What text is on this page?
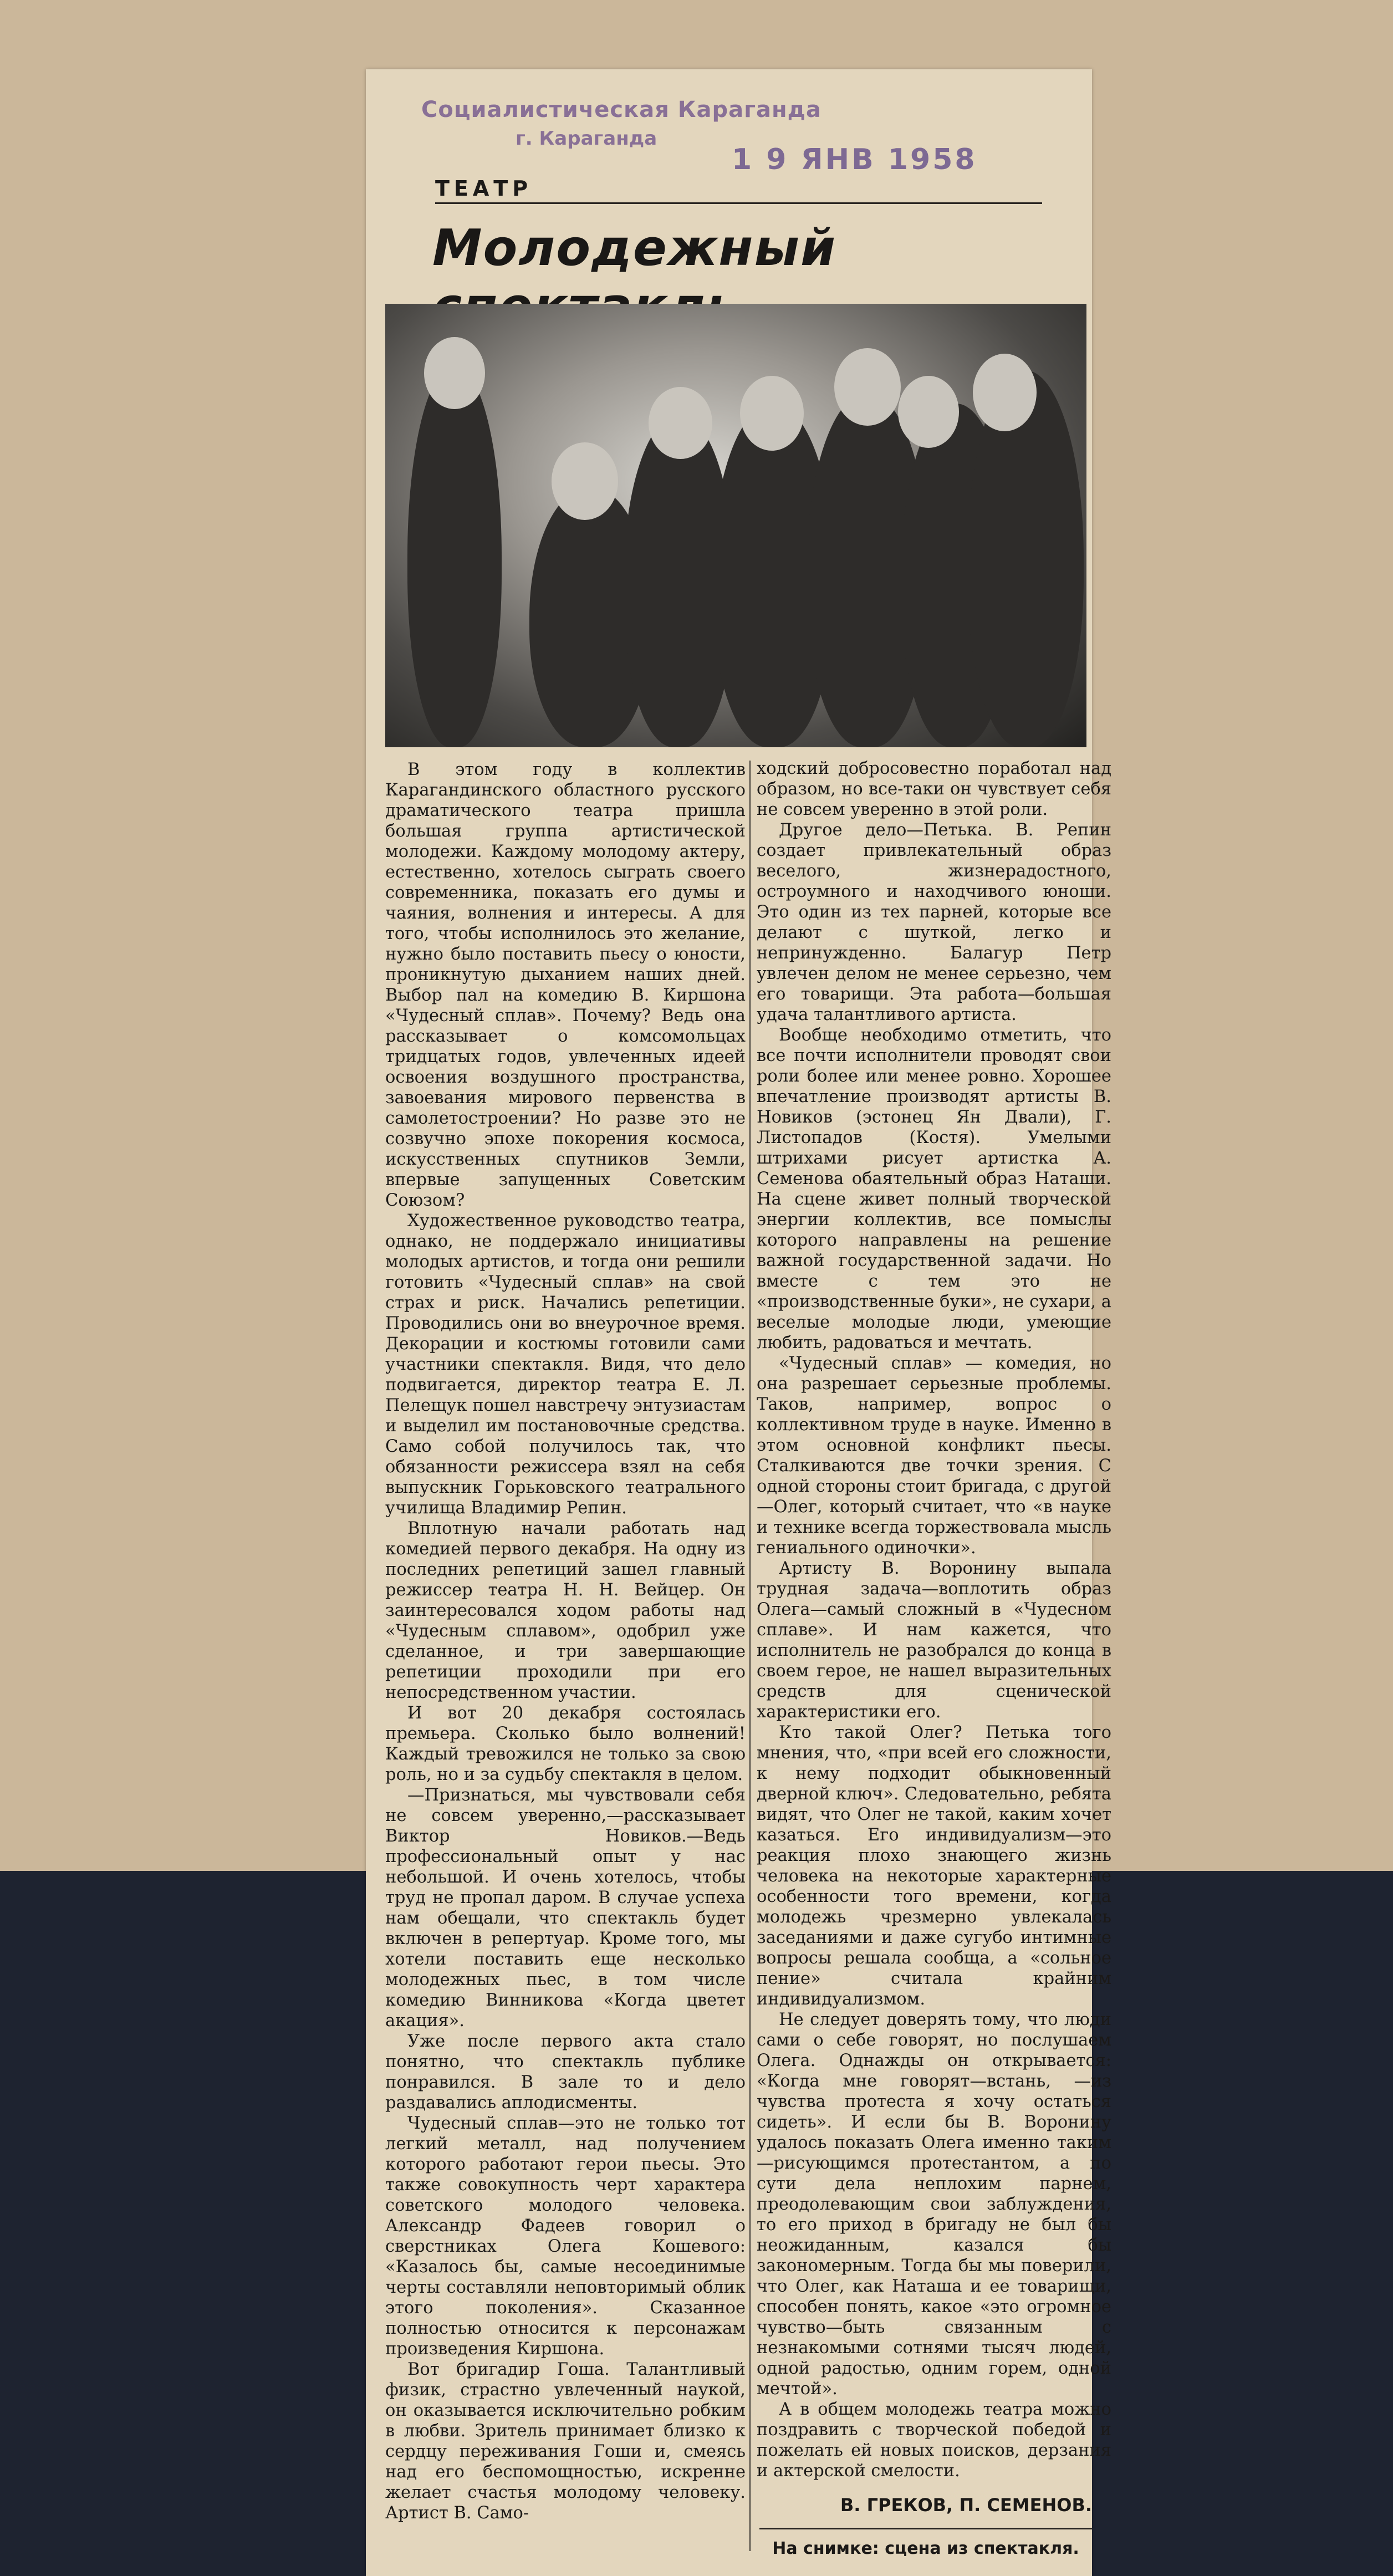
Социалистическая Караганда
г. Караганда
1 9 ЯНВ 1958
ТЕАТР
Молодежный

В этом году в коллектив Карагандинского областного русского драматического театра пришла большая группа артистической молодежи. Каждому молодому актеру, естественно, хотелось сыграть своего современника, показать его думы и чаяния, волнения и интересы. А для того, чтобы исполнилось это желание, нужно было поставить пьесу о юности, проникнутую дыханием наших дней. Выбор пал на комедию В. Киршона «Чудесный сплав». Почему? Ведь она рассказывает о комсомольцах тридцатых годов, увлеченных идеей освоения воздушного пространства, завоевания мирового первенства в самолетостроении? Но разве это не созвучно эпохе покорения космоса, искусственных спутников Земли, впервые запущенных Советским Союзом?

Художественное руководство театра, однако, не поддержало инициативы молодых артистов, и тогда они решили готовить «Чудесный сплав» на свой страх и риск. Начались репетиции. Проводились они во внеурочное время. Декорации и костюмы готовили сами участники спектакля. Видя, что дело подвигается, директор театра Е. Л. Пелещук пошел навстречу энтузиастам и выделил им постановочные средства. Само собой получилось так, что обязанности режиссера взял на себя выпускник Горьковского театрального училища Владимир Репин.

Вплотную начали работать над комедией первого декабря. На одну из последних репетиций зашел главный режиссер театра Н. Н. Вейцер. Он заинтересовался ходом работы над «Чудесным сплавом», одобрил уже сделанное, и три завершающие репетиции проходили при его непосредственном участии.

И вот 20 декабря состоялась премьера. Сколько было волнений! Каждый тревожился не только за свою роль, но и за судьбу спектакля в целом.

—Признаться, мы чувствовали себя не совсем уверенно,—рассказывает Виктор Новиков.—Ведь профессиональный опыт у нас небольшой. И очень хотелось, чтобы труд не пропал даром. В случае успеха нам обещали, что спектакль будет включен в репертуар. Кроме того, мы хотели поставить еще несколько молодежных пьес, в том числе комедию Винникова «Когда цветет акация».

Уже после первого акта стало понятно, что спектакль публике понравился. В зале то и дело раздавались аплодисменты.

Чудесный сплав—это не только тот легкий металл, над получением которого работают герои пьесы. Это также совокупность черт характера советского молодого человека. Александр Фадеев говорил о сверстниках Олега Кошевого: «Казалось бы, самые несоединимые черты составляли неповторимый облик этого поколения». Сказанное полностью относится к персонажам произведения Киршона.

Вот бригадир Гоша. Талантливый физик, страстно увлеченный наукой, он оказывается исключительно робким в любви. Зритель принимает близко к сердцу переживания Гоши и, смеясь над его беспомощностью, искренне желает счастья молодому человеку. Артист В. Само-

ходский добросовестно поработал над образом, но все-таки он чувствует себя не совсем уверенно в этой роли.

Другое дело—Петька. В. Репин создает привлекательный образ веселого, жизнерадостного, остроумного и находчивого юноши. Это один из тех парней, которые все делают с шуткой, легко и непринужденно. Балагур Петр увлечен делом не менее серьезно, чем его товарищи. Эта работа—большая удача талантливого артиста.

Вообще необходимо отметить, что все почти исполнители проводят свои роли более или менее ровно. Хорошее впечатление производят артисты В. Новиков (эстонец Ян Двали), Г. Листопадов (Костя). Умелыми штрихами рисует артистка А. Семенова обаятельный образ Наташи. На сцене живет полный творческой энергии коллектив, все помыслы которого направлены на решение важной государственной задачи. Но вместе с тем это не «производственные буки», не сухари, а веселые молодые люди, умеющие любить, радоваться и мечтать.

«Чудесный сплав» — комедия, но она разрешает серьезные проблемы. Таков, например, вопрос о коллективном труде в науке. Именно в этом основной конфликт пьесы. Сталкиваются две точки зрения. С одной стороны стоит бригада, с другой—Олег, который считает, что «в науке и технике всегда торжествовала мысль гениального одиночки».

Артисту В. Воронину выпала трудная задача—воплотить образ Олега—самый сложный в «Чудесном сплаве». И нам кажется, что исполнитель не разобрался до конца в своем герое, не нашел выразительных средств для сценической характеристики его.

Кто такой Олег? Петька того мнения, что, «при всей его сложности, к нему подходит обыкновенный дверной ключ». Следовательно, ребята видят, что Олег не такой, каким хочет казаться. Его индивидуализм—это реакция плохо знающего жизнь человека на некоторые характерные особенности того времени, когда молодежь чрезмерно увлекалась заседаниями и даже сугубо интимные вопросы решала сообща, а «сольное пение» считала крайним индивидуализмом.

Не следует доверять тому, что люди сами о себе говорят, но послушаем Олега. Однажды он открывается: «Когда мне говорят—встань, —из чувства протеста я хочу остаться сидеть». И если бы В. Воронину удалось показать Олега именно таким—рисующимся протестантом, а по сути дела неплохим парнем, преодолевающим свои заблуждения, то его приход в бригаду не был бы неожиданным, казался бы закономерным. Тогда бы мы поверили, что Олег, как Наташа и ее товарищи, способен понять, какое «это огромное чувство—быть связанным с незнакомыми сотнями тысяч людей, одной радостью, одним горем, одной мечтой».

А в общем молодежь театра можно поздравить с творческой победой и пожелать ей новых поисков, дерзания и актерской смелости.

В. ГРЕКОВ, П. СЕМЕНОВ.
На снимке: сцена из спектакля.
